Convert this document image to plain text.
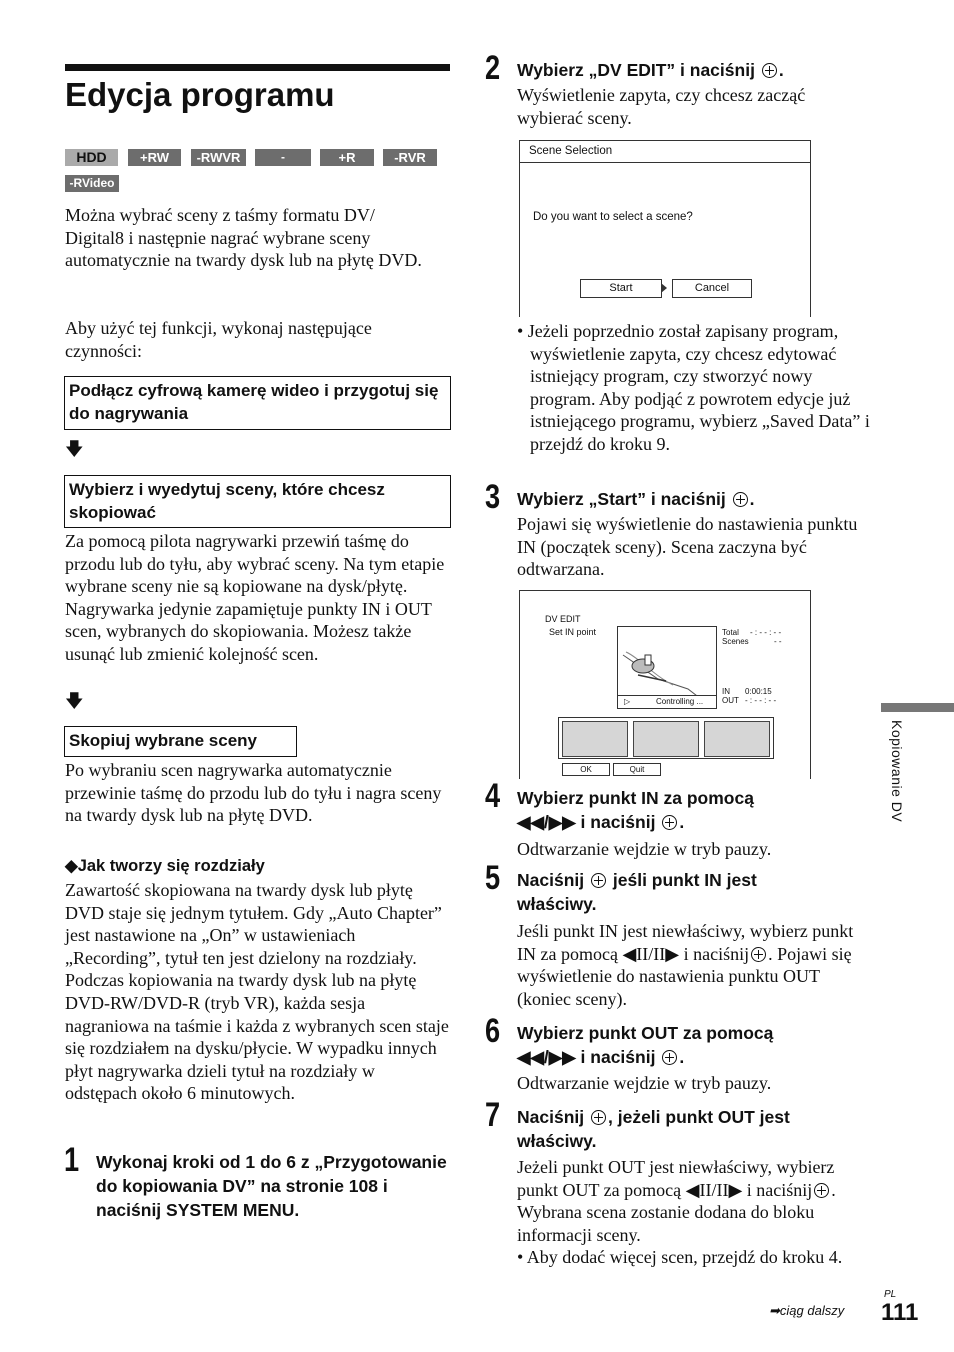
Edycja programu
HDD	+RW	-RWVR	-RWVideo
+R	-RVR
-RVideo
Można wybrać sceny z taśmy formatu DV/ Digital8 i następnie nagrać wybrane sceny automatycznie na twardy dysk lub na płytę DVD.
Aby użyć tej funkcji, wykonaj następujące czynności:
Podłącz cyfrową kamerę wideo i przygotuj się do nagrywania
🡇
Wybierz i wyedytuj sceny, które chcesz skopiować
Za pomocą pilota nagrywarki przewiń taśmę do przodu lub do tyłu, aby wybrać sceny. Na tym etapie wybrane sceny nie są kopiowane na dysk/płytę. Nagrywarka jedynie zapamiętuje punkty IN i OUT scen, wybranych do skopiowania. Możesz także usunąć lub zmienić kolejność scen.
🡇
Skopiuj wybrane sceny
Po wybraniu scen nagrywarka automatycznie przewinie taśmę do przodu lub do tyłu i nagra sceny na twardy dysk lub na płytę DVD.
◆Jak tworzy się rozdziały
Zawartość skopiowana na twardy dysk lub płytę DVD staje się jednym tytułem. Gdy „Auto Chapter” jest nastawione na „On” w ustawieniach „Recording”, tytuł ten jest dzielony na rozdziały. Podczas kopiowania na twardy dysk lub na płytę DVD-RW/DVD-R (tryb VR), każda sesja nagraniowa na taśmie i każda z wybranych scen staje się rozdziałem na dysku/płycie. W wypadku innych płyt nagrywarka dzieli tytuł na rozdziały w odstępach około 6 minutowych.
1 Wykonaj kroki od 1 do 6 z „Przygotowanie do kopiowania DV” na stronie 108 i naciśnij SYSTEM MENU.
2 Wybierz „DV EDIT” i naciśnij .
Wyświetlenie zapyta, czy chcesz zacząć wybierać sceny.
Scene Selection
Do you want to select a scene?
Start	Cancel
• Jeżeli poprzednio został zapisany program, wyświetlenie zapyta, czy chcesz edytować istniejący program, czy stworzyć nowy program. Aby podjąć z powrotem edycje już istniejącego programu, wybierz „Saved Data” i przejdź do kroku 9.
3 Wybierz „Start” i naciśnij .
Pojawi się wyświetlenie do nastawienia punktu IN (początek sceny). Scena zaczyna być odtwarzana.
DV EDIT
Set IN point
▷	Controlling ...
Total - : - - : - -
Scenes	- -
IN 0:00:15
OUT - : - - : - -
OK	Quit
4 Wybierz punkt IN za pomocą
◀◀/▶▶ i naciśnij .
Odtwarzanie wejdzie w tryb pauzy.
5 Naciśnij jeśli punkt IN jest właściwy.
Jeśli punkt IN jest niewłaściwy, wybierz punkt IN za pomocą ◀II/II▶ i naciśnij . Pojawi się wyświetlenie do nastawienia punktu OUT (koniec sceny).
6 Wybierz punkt OUT za pomocą
◀◀/▶▶ i naciśnij .
Odtwarzanie wejdzie w tryb pauzy.
7 Naciśnij , jeżeli punkt OUT jest właściwy.
Jeżeli punkt OUT jest niewłaściwy, wybierz punkt OUT za pomocą ◀II/II▶ i naciśnij .
Wybrana scena zostanie dodana do bloku informacji sceny.
• Aby dodać więcej scen, przejdź do kroku 4.
Kopiowanie DV
➡ciąg dalszy
PL
111
